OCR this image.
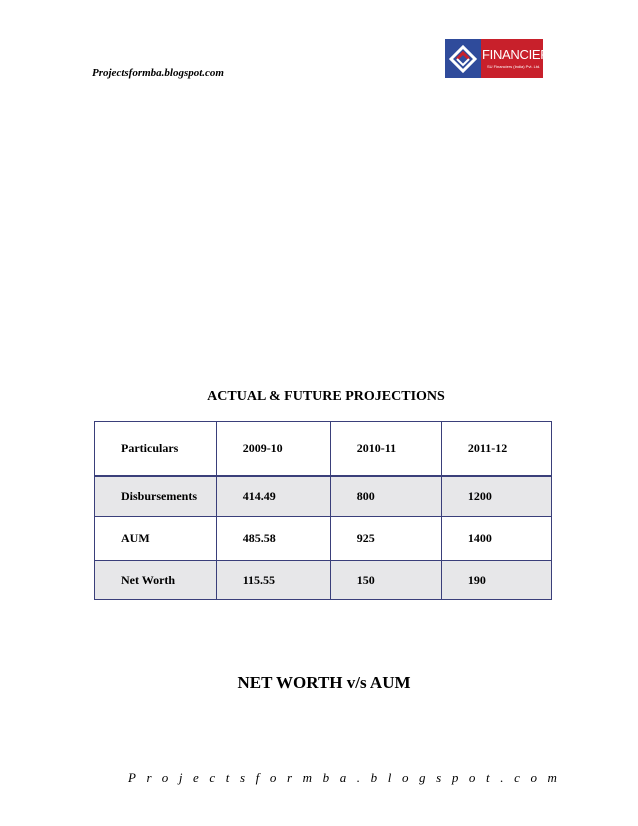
Projectsformba.blogspot.com
FINANCIERs
SU Financiers (India) Pvt. Ltd.
ACTUAL & FUTURE PROJECTIONS
Particulars	2009-10	2010-11	2011-12
Disbursements	414.49	800	1200
AUM	485.58	925	1400
Net Worth	115.55	150	190
NET WORTH v/s AUM
Projectsformba.blogspot.com
